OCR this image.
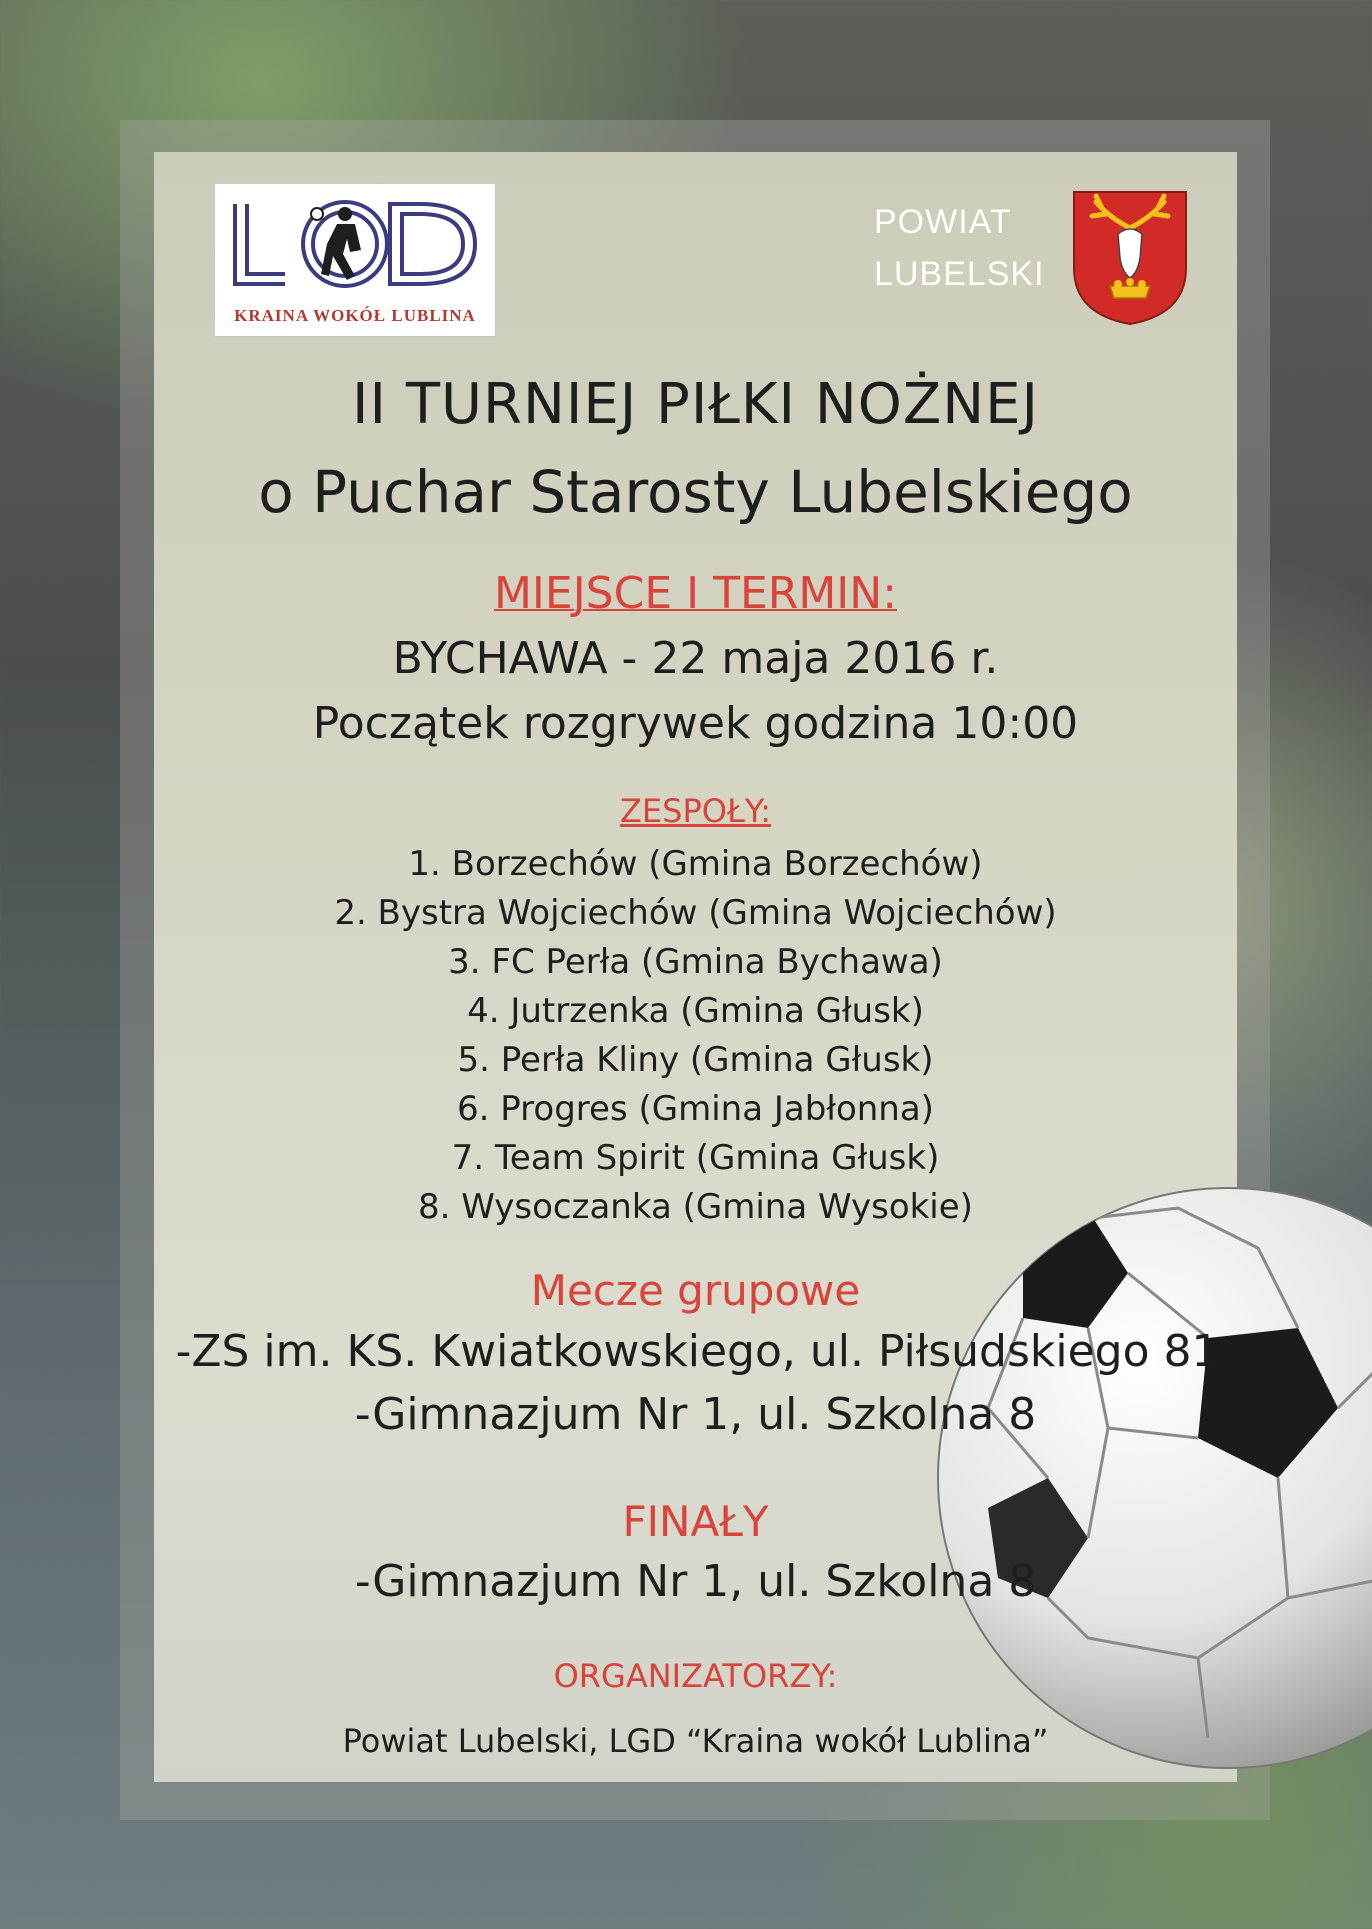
KRAINA WOKÓŁ LUBLINA
POWIAT
LUBELSKI
II TURNIEJ PIŁKI NOŻNEJ
o Puchar Starosty Lubelskiego
MIEJSCE I TERMIN:
BYCHAWA - 22 maja 2016 r.
Początek rozgrywek godzina 10:00
ZESPOŁY:
1. Borzechów (Gmina Borzechów)
2. Bystra Wojciechów (Gmina Wojciechów)
3. FC Perła (Gmina Bychawa)
4. Jutrzenka (Gmina Głusk)
5. Perła Kliny (Gmina Głusk)
6. Progres (Gmina Jabłonna)
7. Team Spirit (Gmina Głusk)
8. Wysoczanka (Gmina Wysokie)
Mecze grupowe
-ZS im. KS. Kwiatkowskiego, ul. Piłsudskiego 81
-Gimnazjum Nr 1, ul. Szkolna 8
FINAŁY
-Gimnazjum Nr 1, ul. Szkolna 8
ORGANIZATORZY:
Powiat Lubelski, LGD “Kraina wokół Lublina”
